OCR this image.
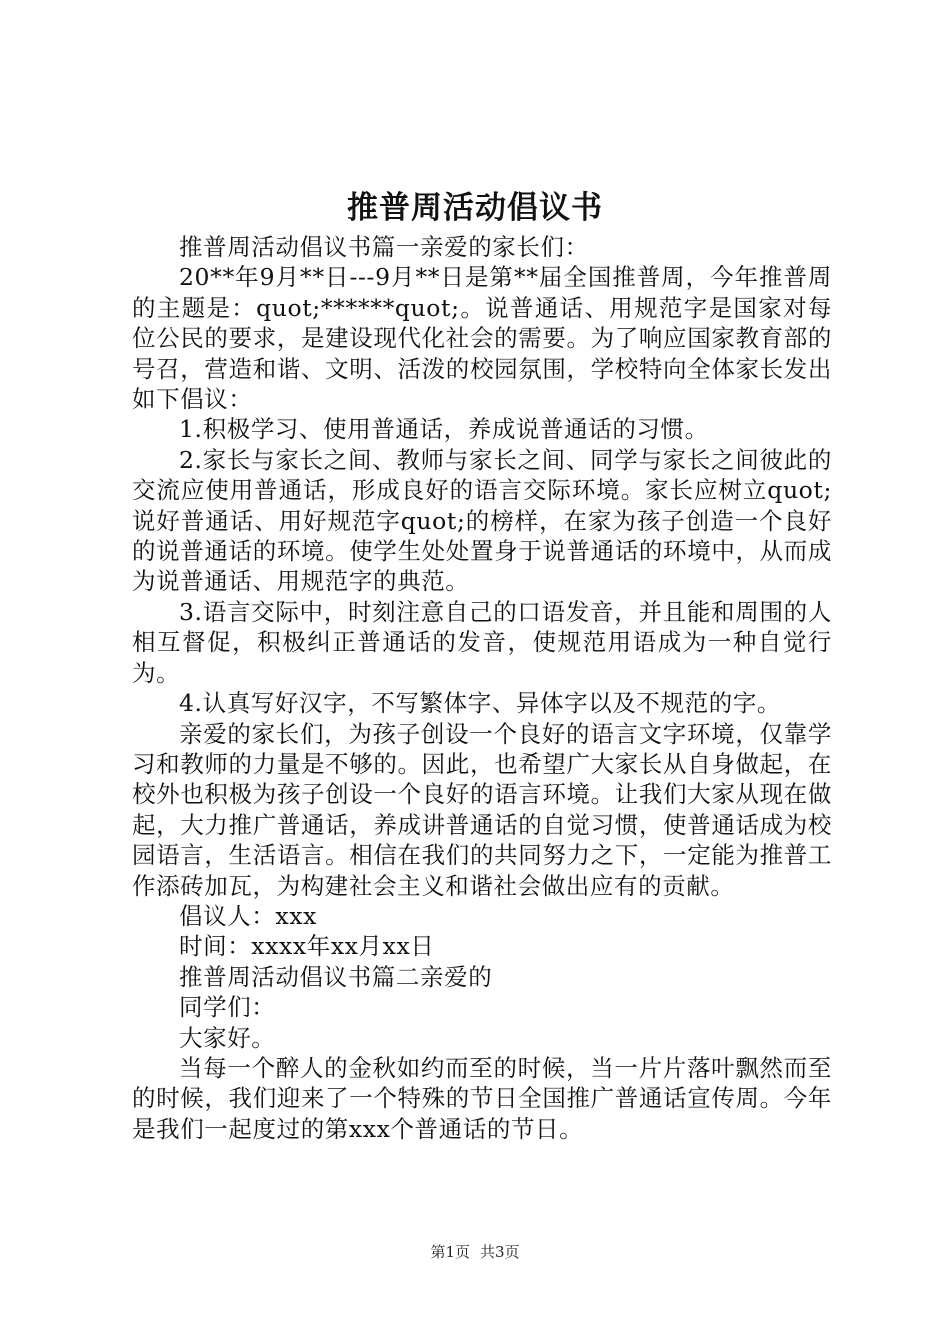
推普周活动倡议书

推普周活动倡议书篇一亲爱的家长们：

20**年9月**日---9月**日是第**届全国推普周，今年推普周的主题是：quot;******quot;。说普通话、用规范字是国家对每位公民的要求，是建设现代化社会的需要。为了响应国家教育部的号召，营造和谐、文明、活泼的校园氛围，学校特向全体家长发出如下倡议：

1.积极学习、使用普通话，养成说普通话的习惯。

2.家长与家长之间、教师与家长之间、同学与家长之间彼此的交流应使用普通话，形成良好的语言交际环境。家长应树立quot;说好普通话、用好规范字quot;的榜样，在家为孩子创造一个良好的说普通话的环境。使学生处处置身于说普通话的环境中，从而成为说普通话、用规范字的典范。

3.语言交际中，时刻注意自己的口语发音，并且能和周围的人相互督促，积极纠正普通话的发音，使规范用语成为一种自觉行为。

4.认真写好汉字，不写繁体字、异体字以及不规范的字。

亲爱的家长们，为孩子创设一个良好的语言文字环境，仅靠学习和教师的力量是不够的。因此，也希望广大家长从自身做起，在校外也积极为孩子创设一个良好的语言环境。让我们大家从现在做起，大力推广普通话，养成讲普通话的自觉习惯，使普通话成为校园语言，生活语言。相信在我们的共同努力之下，一定能为推普工作添砖加瓦，为构建社会主义和谐社会做出应有的贡献。

倡议人：xxx

时间：xxxx年xx月xx日

推普周活动倡议书篇二亲爱的

同学们：

大家好。

当每一个醉人的金秋如约而至的时候，当一片片落叶飘然而至的时候，我们迎来了一个特殊的节日全国推广普通话宣传周。今年是我们一起度过的第xxx个普通话的节日。

第1页 共3页
